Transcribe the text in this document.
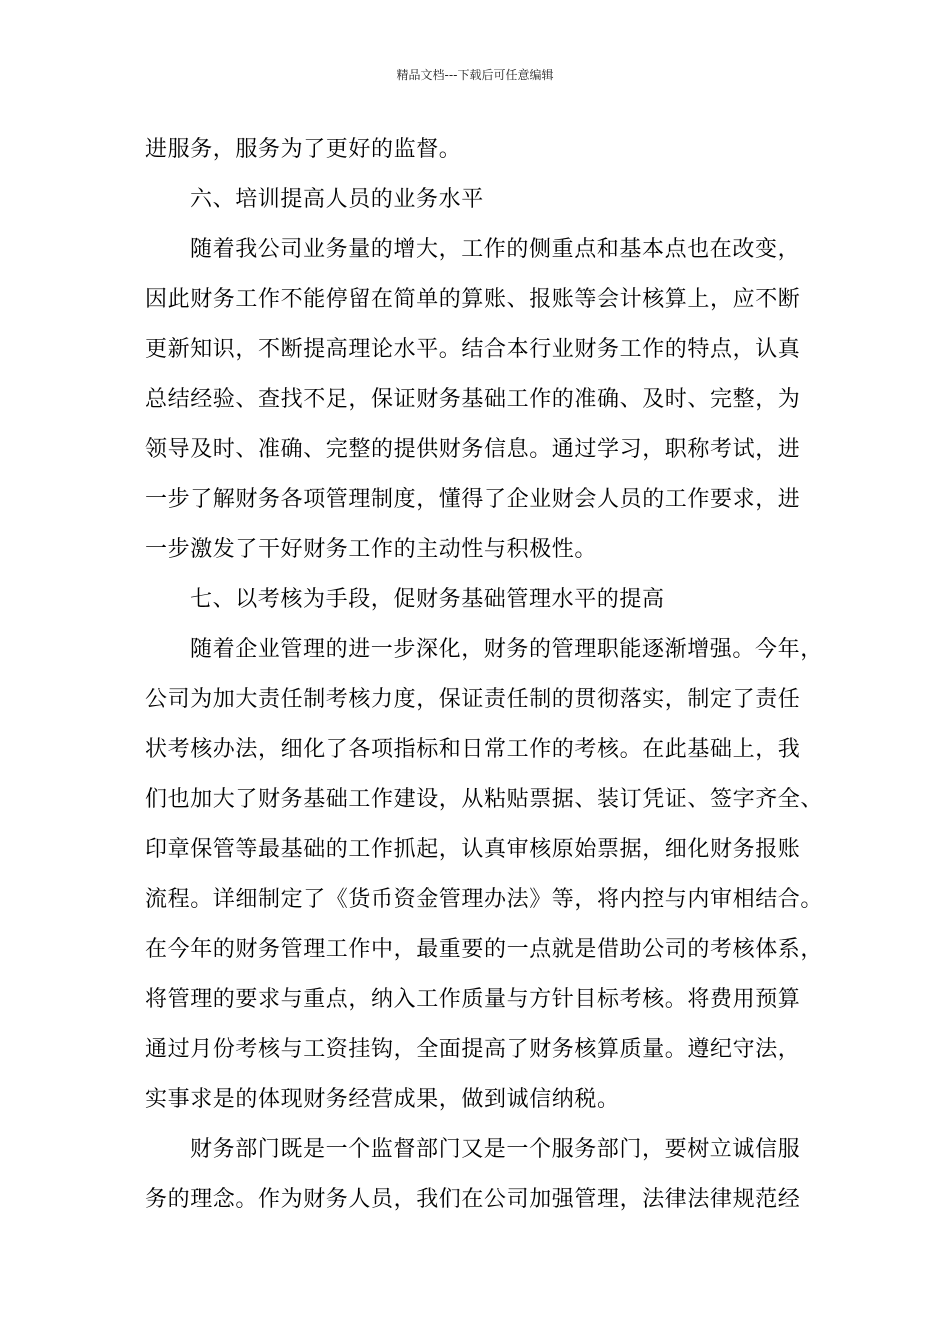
精品文档---下载后可任意编辑
进服务，服务为了更好的监督。
六、培训提高人员的业务水平
随着我公司业务量的增大，工作的侧重点和基本点也在改变，
因此财务工作不能停留在简单的算账、报账等会计核算上，应不断
更新知识，不断提高理论水平。结合本行业财务工作的特点，认真
总结经验、查找不足，保证财务基础工作的准确、及时、完整，为
领导及时、准确、完整的提供财务信息。通过学习，职称考试，进
一步了解财务各项管理制度，懂得了企业财会人员的工作要求，进
一步激发了干好财务工作的主动性与积极性。
七、以考核为手段，促财务基础管理水平的提高
随着企业管理的进一步深化，财务的管理职能逐渐增强。今年，
公司为加大责任制考核力度，保证责任制的贯彻落实，制定了责任
状考核办法，细化了各项指标和日常工作的考核。在此基础上，我
们也加大了财务基础工作建设，从粘贴票据、装订凭证、签字齐全、
印章保管等最基础的工作抓起，认真审核原始票据，细化财务报账
流程。详细制定了《货币资金管理办法》等，将内控与内审相结合。
在今年的财务管理工作中，最重要的一点就是借助公司的考核体系，
将管理的要求与重点，纳入工作质量与方针目标考核。将费用预算
通过月份考核与工资挂钩，全面提高了财务核算质量。遵纪守法，
实事求是的体现财务经营成果，做到诚信纳税。
财务部门既是一个监督部门又是一个服务部门，要树立诚信服
务的理念。作为财务人员，我们在公司加强管理，法律法律规范经
